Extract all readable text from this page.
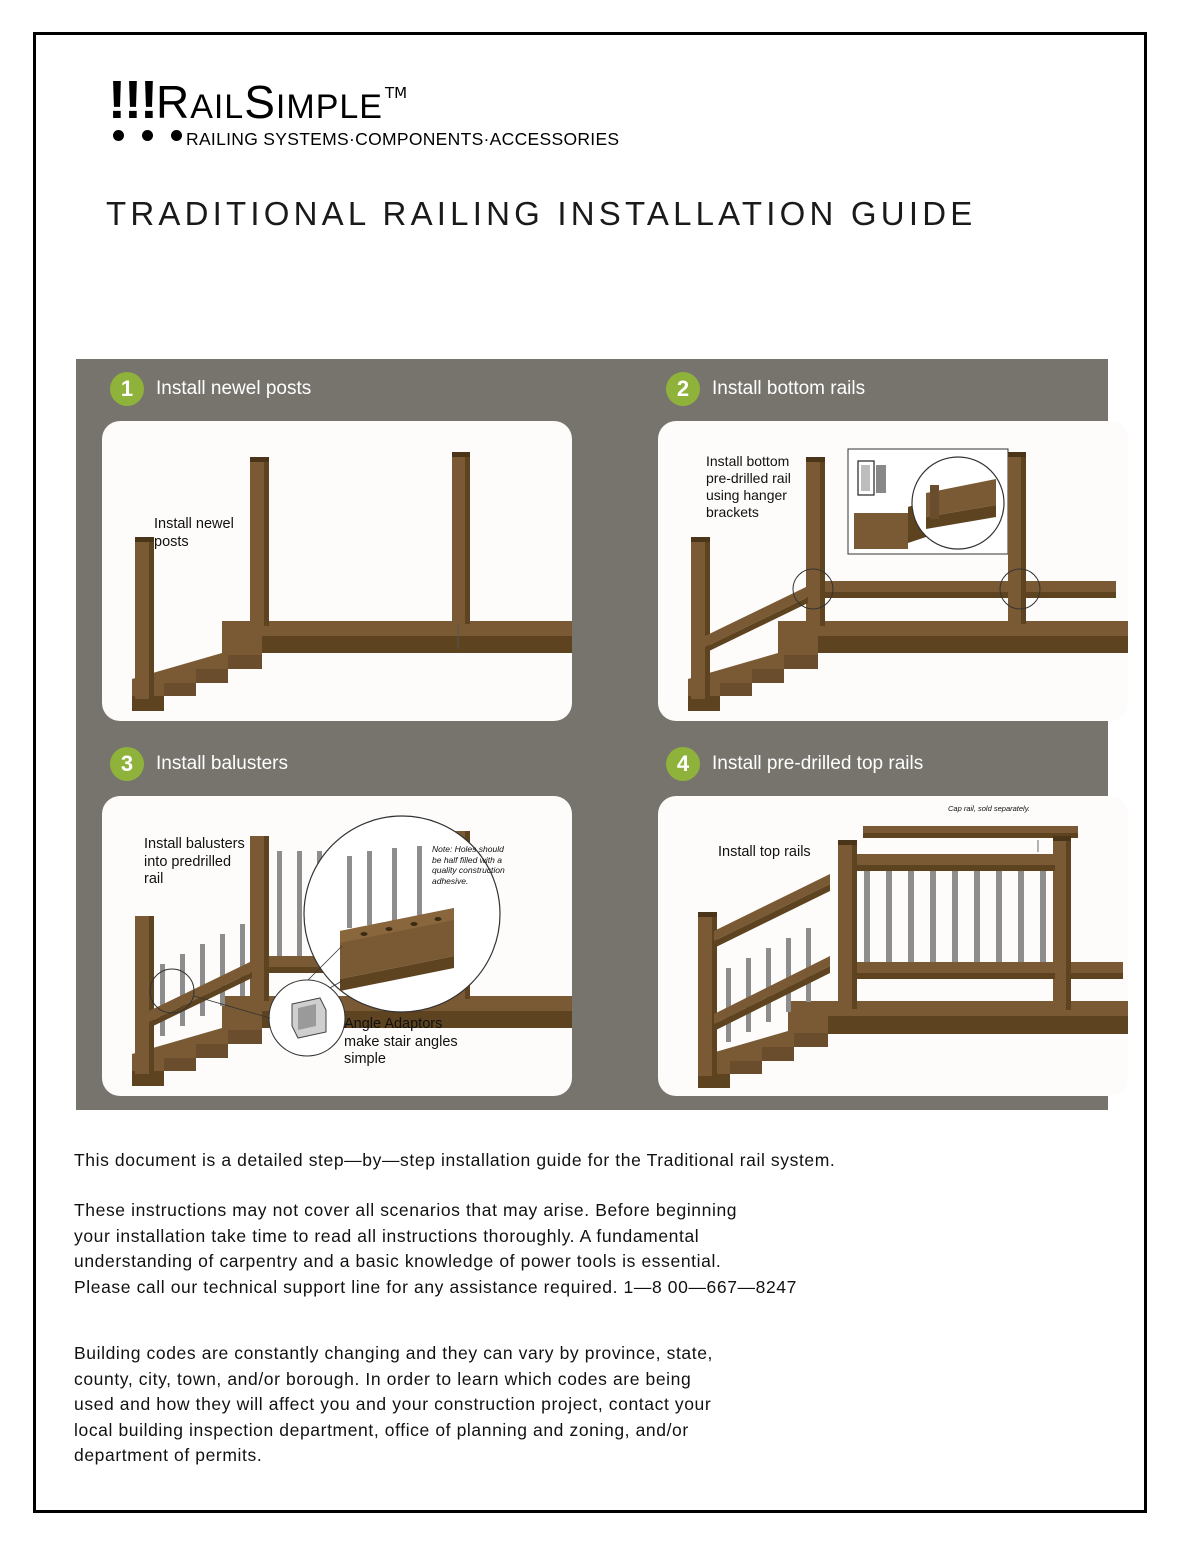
!!! RAILSIMPLE TM
RAILING SYSTEMS·COMPONENTS·ACCESSORIES
TRADITIONAL RAILING INSTALLATION GUIDE
1	Install newel posts
Install newel posts
2	Install bottom rails
Install bottom pre-drilled rail using hanger brackets
3	Install balusters
Install balusters into predrilled rail
Angle Adaptors make stair angles simple
Note: Holes should be half filled with a quality construction adhesive.
4	Install pre-drilled top rails
Install top rails
Cap rail, sold separately.
This document is a detailed step—by—step installation guide for the Traditional rail system.
These instructions may not cover all scenarios that may arise. Before beginning
your installation take time to read all instructions thoroughly. A fundamental
understanding of carpentry and a basic knowledge of power tools is essential.
Please call our technical support line for any assistance required. 1—8 00—667—8247
Building codes are constantly changing and they can vary by province, state,
county, city, town, and/or borough. In order to learn which codes are being
used and how they will affect you and your construction project, contact your
local building inspection department, office of planning and zoning, and/or
department of permits.
